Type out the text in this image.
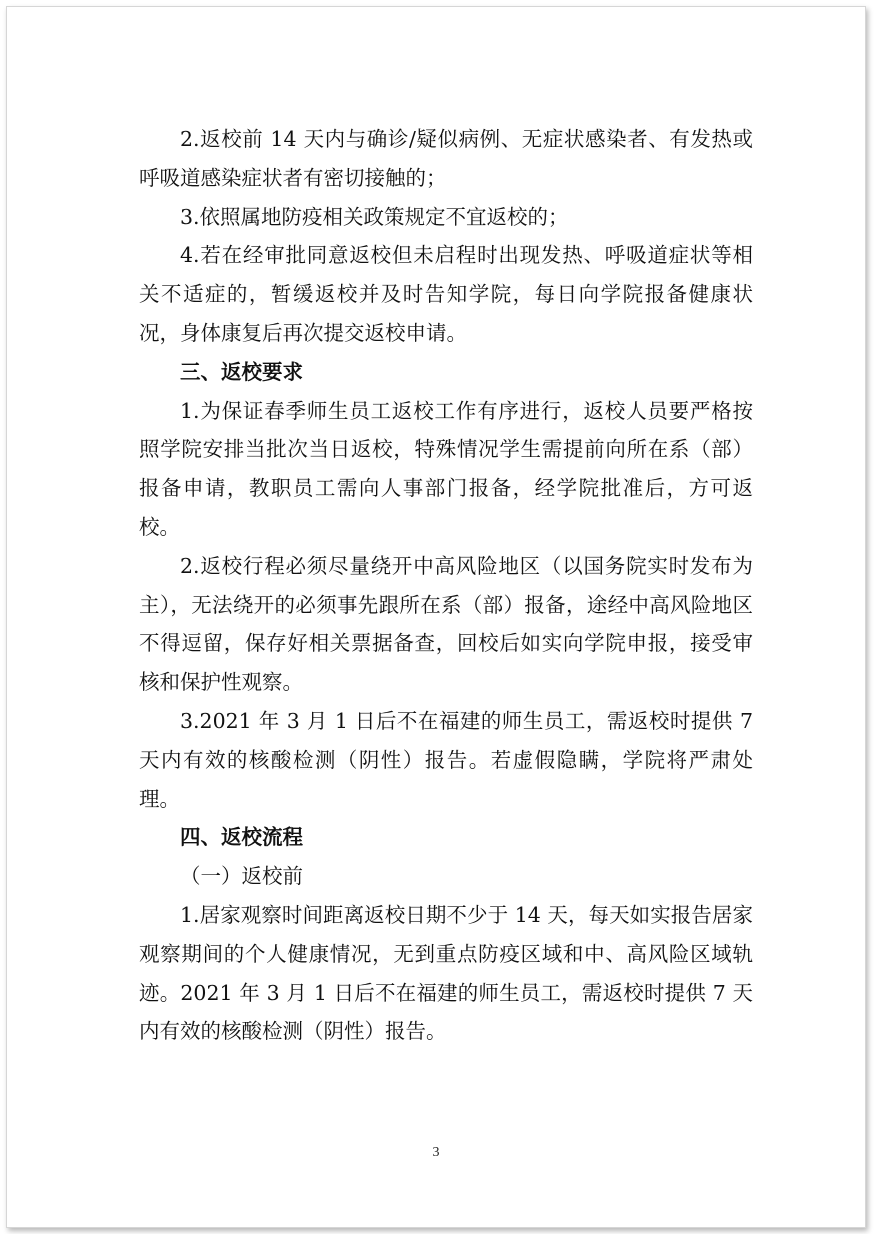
2.返校前 14 天内与确诊/疑似病例、无症状感染者、有发热或呼吸道感染症状者有密切接触的；

3.依照属地防疫相关政策规定不宜返校的；

4.若在经审批同意返校但未启程时出现发热、呼吸道症状等相关不适症的，暂缓返校并及时告知学院，每日向学院报备健康状况，身体康复后再次提交返校申请。

三、返校要求

1.为保证春季师生员工返校工作有序进行，返校人员要严格按照学院安排当批次当日返校，特殊情况学生需提前向所在系（部）报备申请，教职员工需向人事部门报备，经学院批准后，方可返校。

2.返校行程必须尽量绕开中高风险地区（以国务院实时发布为主），无法绕开的必须事先跟所在系（部）报备，途经中高风险地区不得逗留，保存好相关票据备查，回校后如实向学院申报，接受审核和保护性观察。

3.2021 年 3 月 1 日后不在福建的师生员工，需返校时提供 7 天内有效的核酸检测（阴性）报告。若虚假隐瞒，学院将严肃处理。

四、返校流程

（一）返校前

1.居家观察时间距离返校日期不少于 14 天，每天如实报告居家观察期间的个人健康情况，无到重点防疫区域和中、高风险区域轨迹。2021 年 3 月 1 日后不在福建的师生员工，需返校时提供 7 天内有效的核酸检测（阴性）报告。

3
